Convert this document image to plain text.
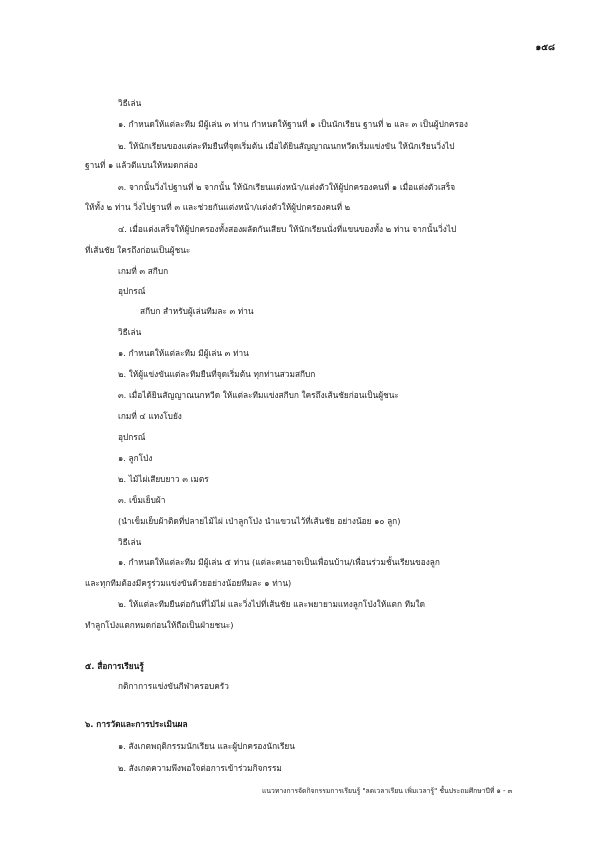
๑๕๘
วิธีเล่น
๑. กำหนดให้แต่ละทีม มีผู้เล่น ๓ ท่าน กำหนดให้ฐานที่ ๑ เป็นนักเรียน ฐานที่ ๒ และ ๓ เป็นผู้ปกครอง
๒. ให้นักเรียนของแต่ละทีมยืนที่จุดเริ่มต้น เมื่อได้ยินสัญญาณนกหวีดเริ่มแข่งขัน ให้นักเรียนวิ่งไป
ฐานที่ ๑ แล้วตีแบนให้หมดกล่อง
๓. จากนั้นวิ่งไปฐานที่ ๒ จากนั้น ให้นักเรียนแต่งหน้า/แต่งตัวให้ผู้ปกครองคนที่ ๑ เมื่อแต่งตัวเสร็จ
ให้ทั้ง ๒ ท่าน วิ่งไปฐานที่ ๓ และช่วยกันแต่งหน้า/แต่งตัวให้ผู้ปกครองคนที่ ๒
๔. เมื่อแต่งเสร็จให้ผู้ปกครองทั้งสองผลัดกันเสียบ ให้นักเรียนนั่งที่แขนของทั้ง ๒ ท่าน จากนั้นวิ่งไป
ที่เส้นชัย ใครถึงก่อนเป็นผู้ชนะ
เกมที่ ๓ สกีบก
อุปกรณ์
สกีบก สำหรับผู้เล่นทีมละ ๓ ท่าน
วิธีเล่น
๑. กำหนดให้แต่ละทีม มีผู้เล่น ๓ ท่าน
๒. ให้ผู้แข่งขันแต่ละทีมยืนที่จุดเริ่มต้น ทุกท่านสวมสกีบก
๓. เมื่อได้ยินสัญญาณนกหวีด ให้แต่ละทีมแข่งสกีบก ใครถึงเส้นชัยก่อนเป็นผู้ชนะ
เกมที่ ๔ แทงโบยัง
อุปกรณ์
๑. ลูกโป่ง
๒. ไม้ไผ่เสียบยาว ๓ เมตร
๓. เข็มเย็บผ้า
(นำเข็มเย็บผ้าติดที่ปลายไม้ไผ่ เป่าลูกโป่ง นำแขวนไว้ที่เส้นชัย อย่างน้อย ๑๐ ลูก)
วิธีเล่น
๑. กำหนดให้แต่ละทีม มีผู้เล่น ๕ ท่าน (แต่ละคนอาจเป็นเพื่อนบ้าน/เพื่อนร่วมชั้นเรียนของลูก
และทุกทีมต้องมีครูร่วมแข่งขันด้วยอย่างน้อยทีมละ ๑ ท่าน)
๒. ให้แต่ละทีมยืนต่อกันที่ไม้ไผ่ และวิ่งไปที่เส้นชัย และพยายามแทงลูกโป่งให้แตก ทีมใด
ทำลูกโป่งแตกหมดก่อนให้ถือเป็นฝ่ายชนะ)
๕. สื่อการเรียนรู้
กติกาการแข่งขันกีฬาครอบครัว
๖. การวัดและการประเมินผล
๑. สังเกตพฤติกรรมนักเรียน และผู้ปกครองนักเรียน
๒. สังเกตความพึงพอใจต่อการเข้าร่วมกิจกรรม
แนวทางการจัดกิจกรรมการเรียนรู้ "ลดเวลาเรียน เพิ่มเวลารู้" ชั้นประถมศึกษาปีที่ ๑ - ๓
